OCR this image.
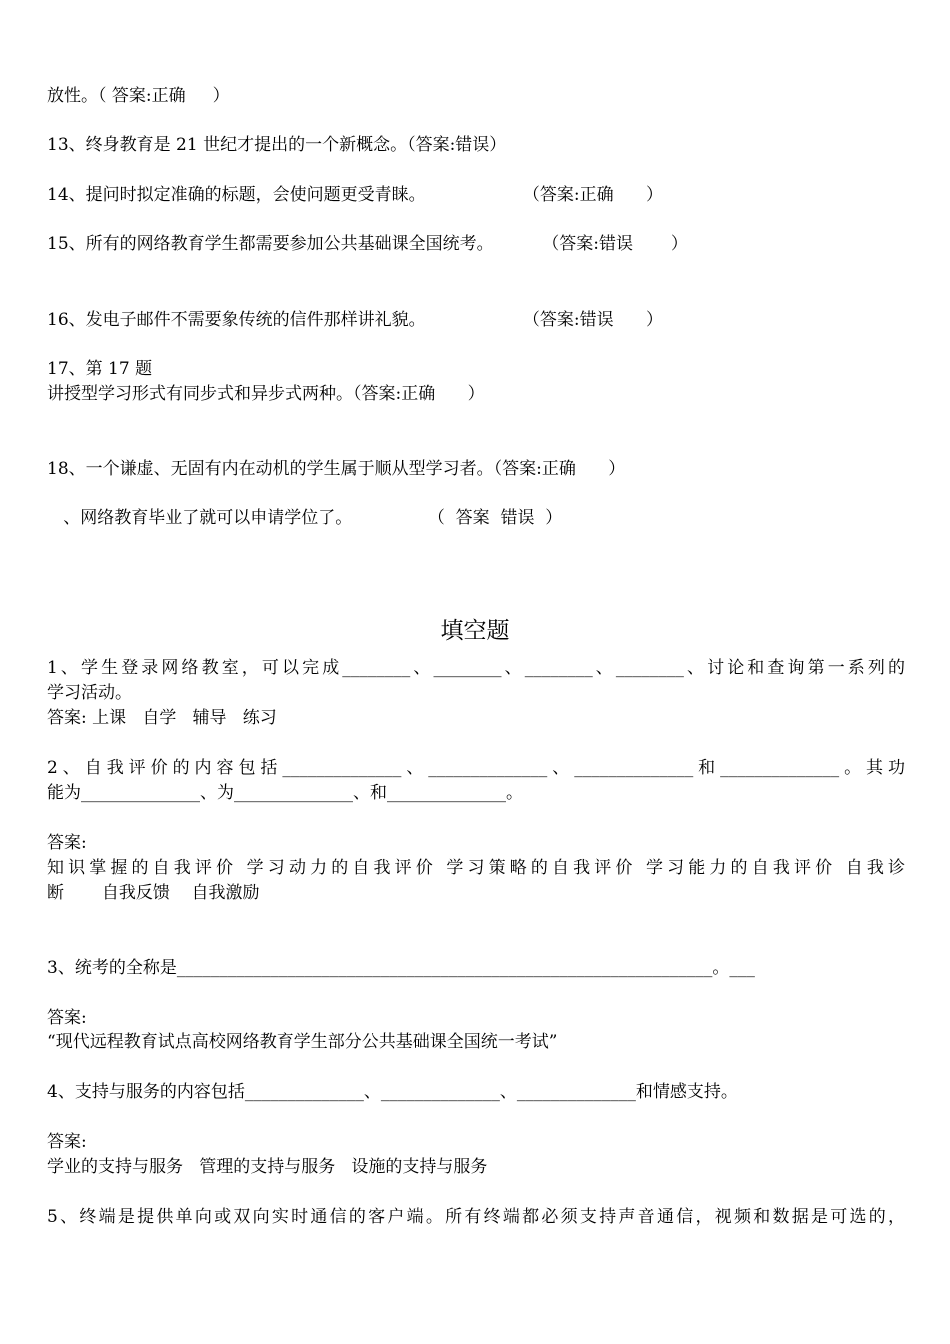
放性。（ 答案:正确     ）
13、终身教育是 21 世纪才提出的一个新概念。（答案:错误）
14、提问时拟定准确的标题，会使问题更受青睐。                  （答案:正确      ）
15、所有的网络教育学生都需要参加公共基础课全国统考。         （答案:错误       ）
16、发电子邮件不需要象传统的信件那样讲礼貌。                  （答案:错误      ）
17、第 17 题
讲授型学习形式有同步式和异步式两种。（答案:正确      ）
18、一个谦虚、无固有内在动机的学生属于顺从型学习者。（答案:正确      ）
、网络教育毕业了就可以申请学位了。              （  答案  错误  ）
填空题
1、学生登录网络教室，可以完成________、________、________、________、讨论和查询第一系列的
学习活动。
答案: 上课   自学   辅导   练习
2、自我评价的内容包括______________、______________、______________和______________。其功
能为______________、为______________、和______________。
答案:
知识掌握的自我评价 学习动力的自我评价 学习策略的自我评价 学习能力的自我评价 自我诊
断       自我反馈    自我激励
3、统考的全称是_______________________________________________________________。___
答案:
“现代远程教育试点高校网络教育学生部分公共基础课全国统一考试”
4、支持与服务的内容包括______________、______________、______________和情感支持。
答案:
学业的支持与服务   管理的支持与服务   设施的支持与服务
5、终端是提供单向或双向实时通信的客户端。所有终端都必须支持声音通信，视频和数据是可选的，
